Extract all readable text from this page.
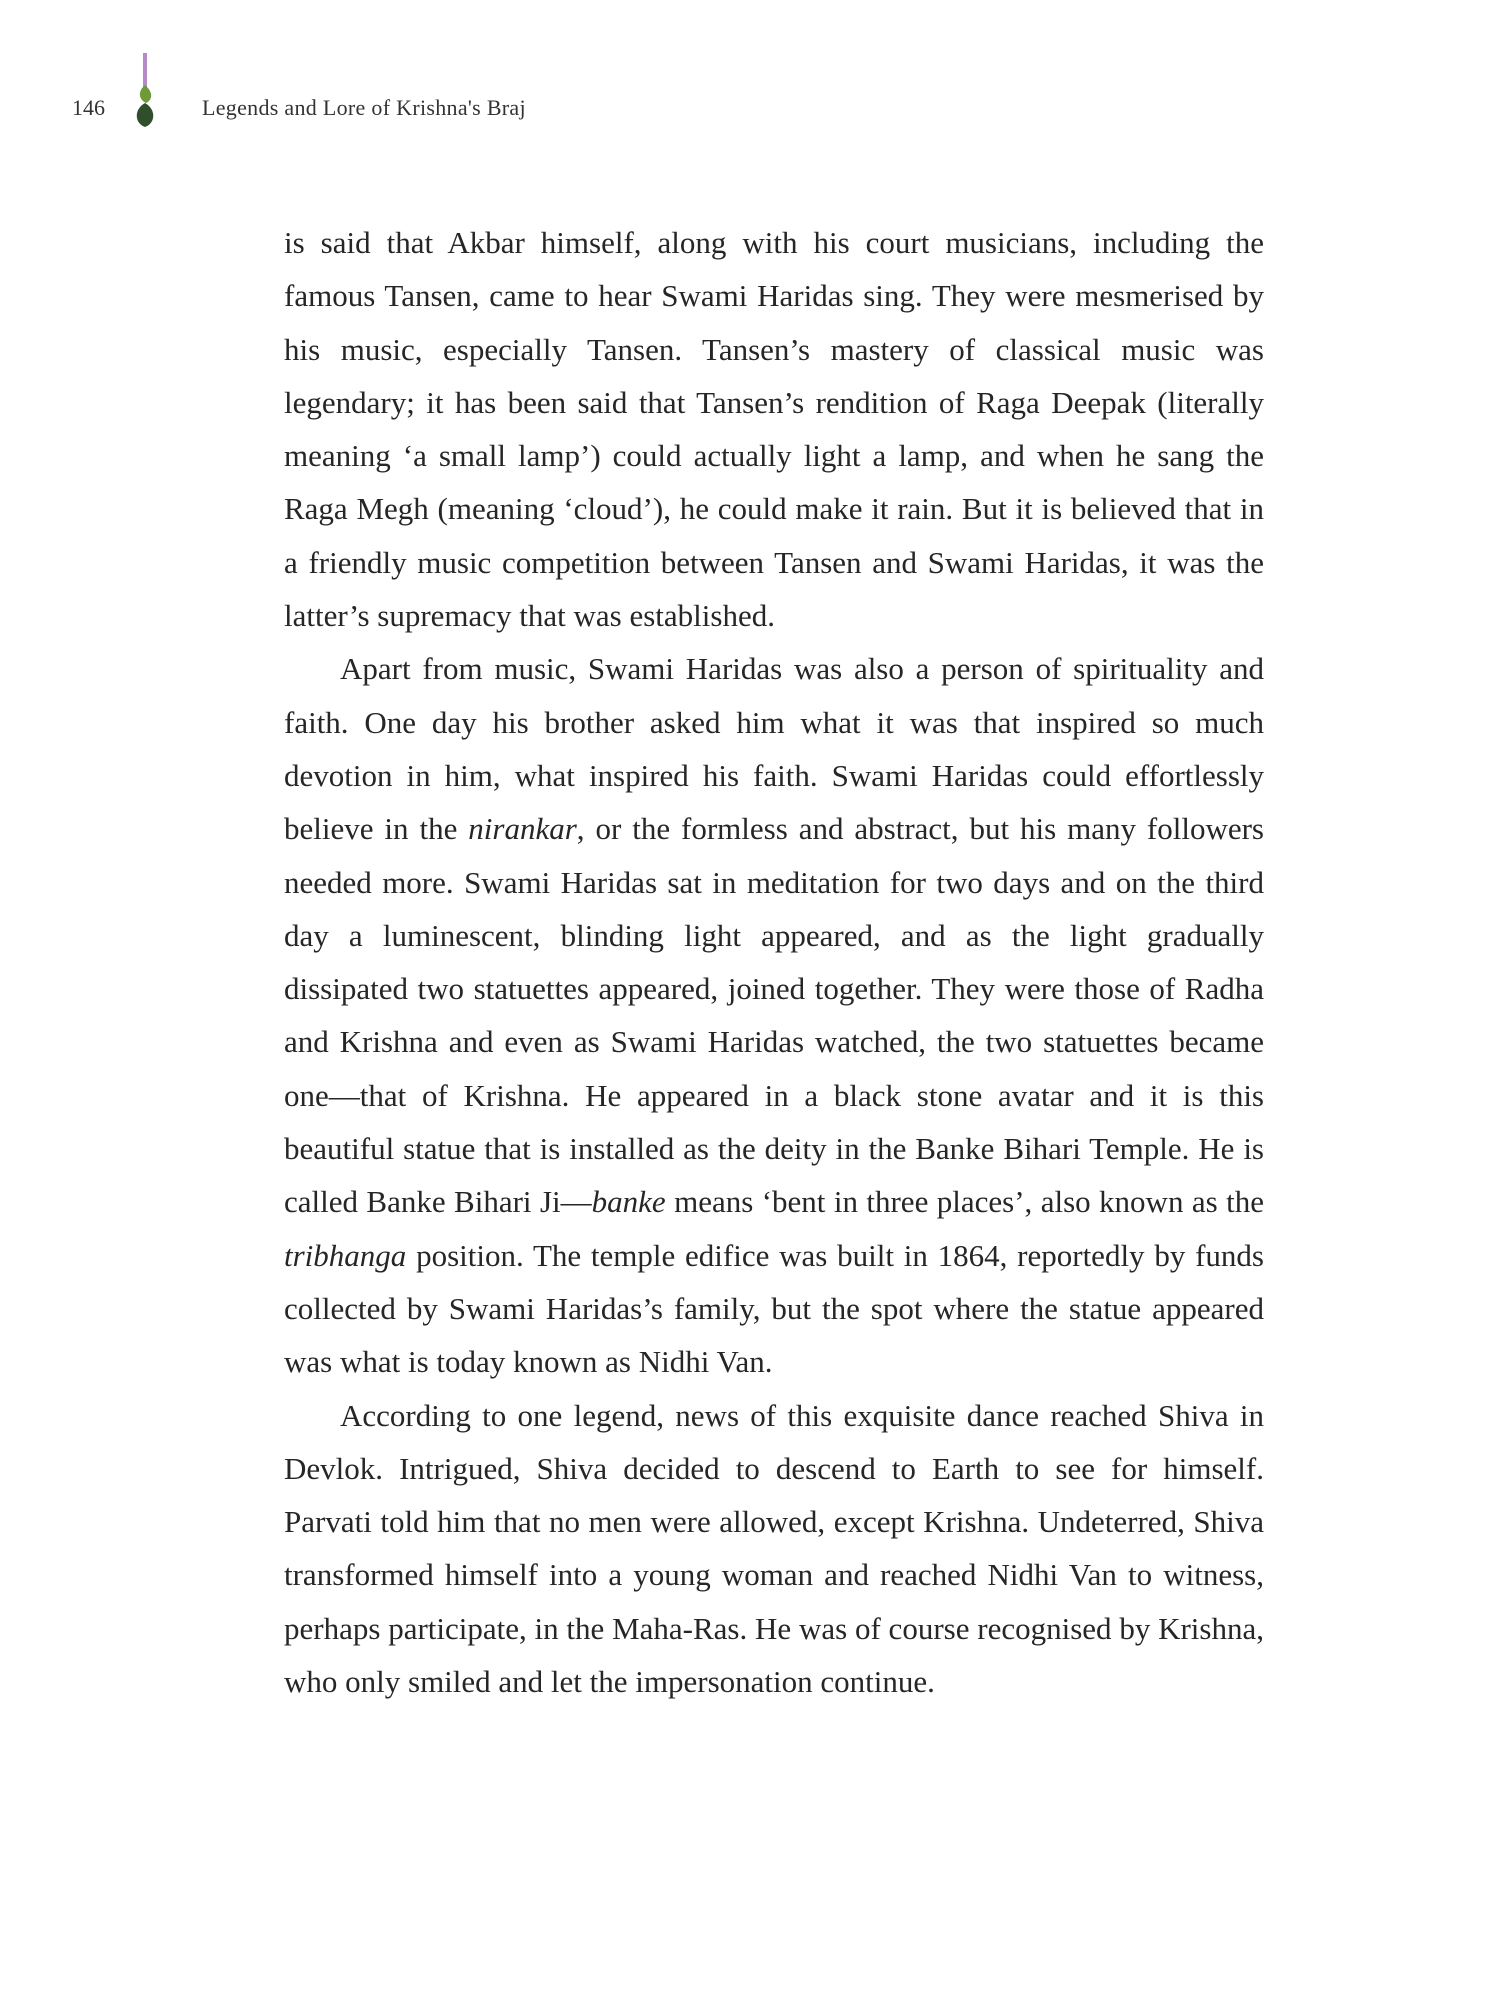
146	Legends and Lore of Krishna's Braj

is said that Akbar himself, along with his court musicians, including the famous Tansen, came to hear Swami Haridas sing. They were mesmerised by his music, especially Tansen. Tansen’s mastery of classical music was legendary; it has been said that Tansen’s rendition of Raga Deepak (literally meaning ‘a small lamp’) could actually light a lamp, and when he sang the Raga Megh (meaning ‘cloud’), he could make it rain. But it is believed that in a friendly music competition between Tansen and Swami Haridas, it was the latter’s supremacy that was established.

Apart from music, Swami Haridas was also a person of spirituality and faith. One day his brother asked him what it was that inspired so much devotion in him, what inspired his faith. Swami Haridas could effortlessly believe in the nirankar, or the formless and abstract, but his many followers needed more. Swami Haridas sat in meditation for two days and on the third day a luminescent, blinding light appeared, and as the light gradually dissipated two statuettes appeared, joined together. They were those of Radha and Krishna and even as Swami Haridas watched, the two statuettes became one—that of Krishna. He appeared in a black stone avatar and it is this beautiful statue that is installed as the deity in the Banke Bihari Temple. He is called Banke Bihari Ji—banke means ‘bent in three places’, also known as the tribhanga position. The temple edifice was built in 1864, reportedly by funds collected by Swami Haridas’s family, but the spot where the statue appeared was what is today known as Nidhi Van.

According to one legend, news of this exquisite dance reached Shiva in Devlok. Intrigued, Shiva decided to descend to Earth to see for himself. Parvati told him that no men were allowed, except Krishna. Undeterred, Shiva transformed himself into a young woman and reached Nidhi Van to witness, perhaps participate, in the Maha-Ras. He was of course recognised by Krishna, who only smiled and let the impersonation continue.
